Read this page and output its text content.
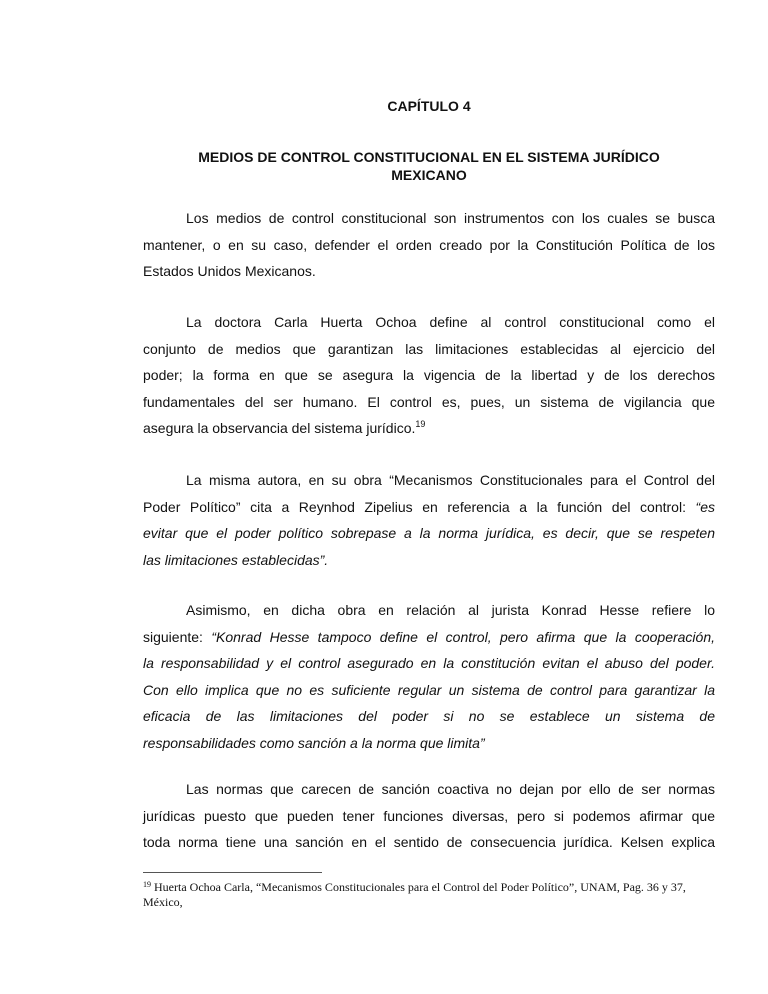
CAPÍTULO 4
MEDIOS DE CONTROL CONSTITUCIONAL EN EL SISTEMA JURÍDICO
MEXICANO
Los medios de control constitucional son instrumentos con los cuales se busca
mantener, o en su caso, defender el orden creado por la Constitución Política de los
Estados Unidos Mexicanos.
La doctora Carla Huerta Ochoa define al control constitucional como el
conjunto de medios que garantizan las limitaciones establecidas al ejercicio del
poder; la forma en que se asegura la vigencia de la libertad y de los derechos
fundamentales del ser humano. El control es, pues, un sistema de vigilancia que
asegura la observancia del sistema jurídico.$^{19}$
La misma autora, en su obra “Mecanismos Constitucionales para el Control del
Poder Político” cita a Reynhod Zipelius en referencia a la función del control: “es
evitar que el poder político sobrepase a la norma jurídica, es decir, que se respeten
las limitaciones establecidas”.
Asimismo, en dicha obra en relación al jurista Konrad Hesse refiere lo
siguiente: “Konrad Hesse tampoco define el control, pero afirma que la cooperación,
la responsabilidad y el control asegurado en la constitución evitan el abuso del poder.
Con ello implica que no es suficiente regular un sistema de control para garantizar la
eficacia de las limitaciones del poder si no se establece un sistema de
responsabilidades como sanción a la norma que limita”
Las normas que carecen de sanción coactiva no dejan por ello de ser normas
jurídicas puesto que pueden tener funciones diversas, pero si podemos afirmar que
toda norma tiene una sanción en el sentido de consecuencia jurídica. Kelsen explica
$^{19}$ Huerta Ochoa Carla, “Mecanismos Constitucionales para el Control del Poder Político”, UNAM, Pag. 36 y 37,
México,
